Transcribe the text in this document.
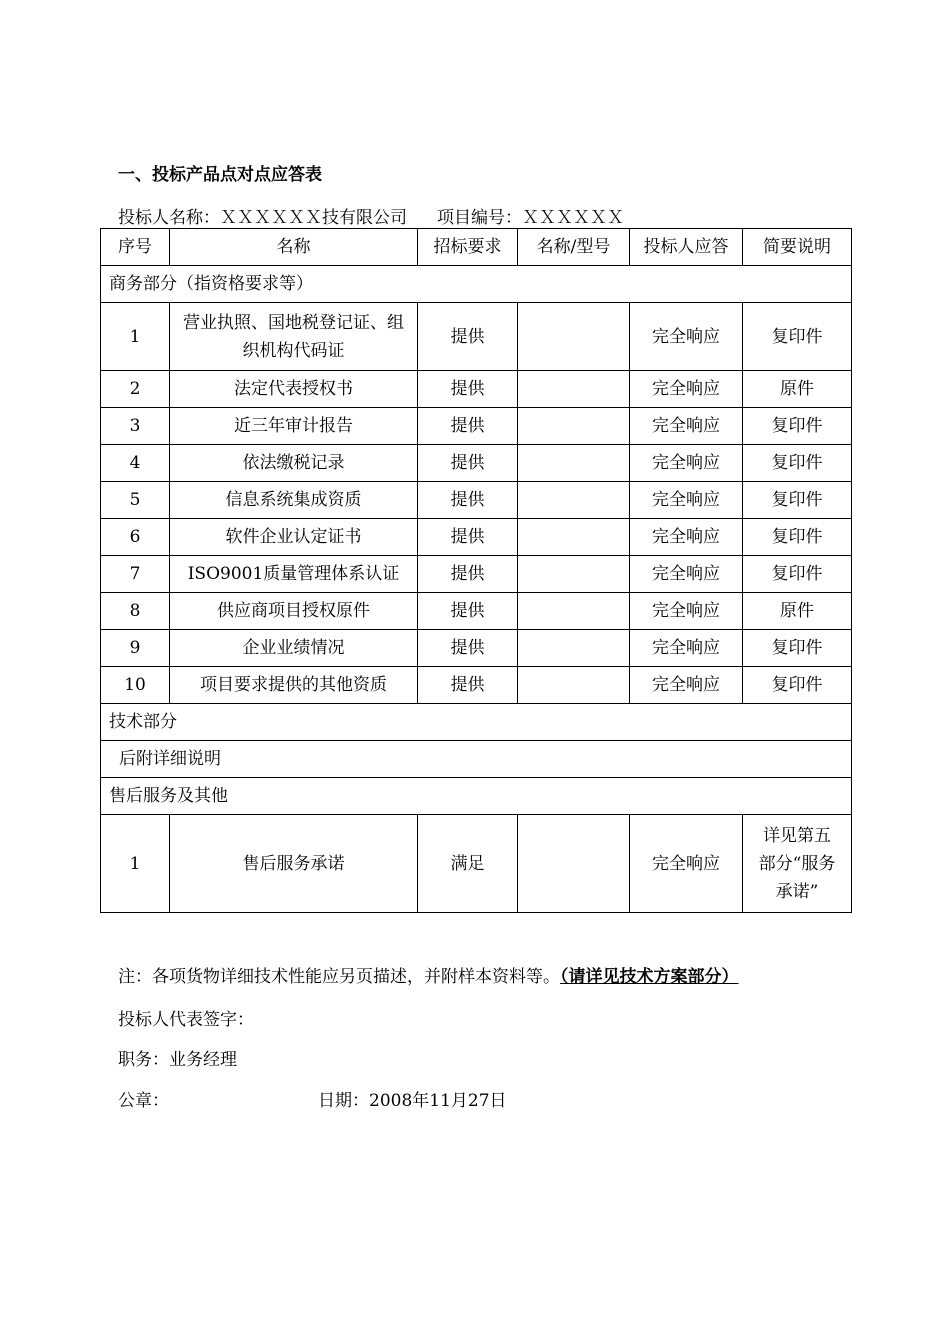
一、投标产品点对点应答表
投标人名称：ＸＸＸＸＸＸ技有限公司 项目编号：ＸＸＸＸＸＸ
序号	名称	招标要求	名称/型号	投标人应答	简要说明
商务部分（指资格要求等）					
1	营业执照、国地税登记证、组织机构代码证	提供		完全响应	复印件
2	法定代表授权书	提供		完全响应	原件
3	近三年审计报告	提供		完全响应	复印件
4	依法缴税记录	提供		完全响应	复印件
5	信息系统集成资质	提供		完全响应	复印件
6	软件企业认定证书	提供		完全响应	复印件
7	ISO9001质量管理体系认证	提供		完全响应	复印件
8	供应商项目授权原件	提供		完全响应	原件
9	企业业绩情况	提供		完全响应	复印件
10	项目要求提供的其他资质	提供		完全响应	复印件
技术部分					
后附详细说明					
售后服务及其他					
1	售后服务承诺	满足		完全响应	详见第五部分“服务承诺”
注：各项货物详细技术性能应另页描述，并附样本资料等。（请详见技术方案部分）
投标人代表签字：
职务：业务经理
公章：	日期：2008年11月27日
